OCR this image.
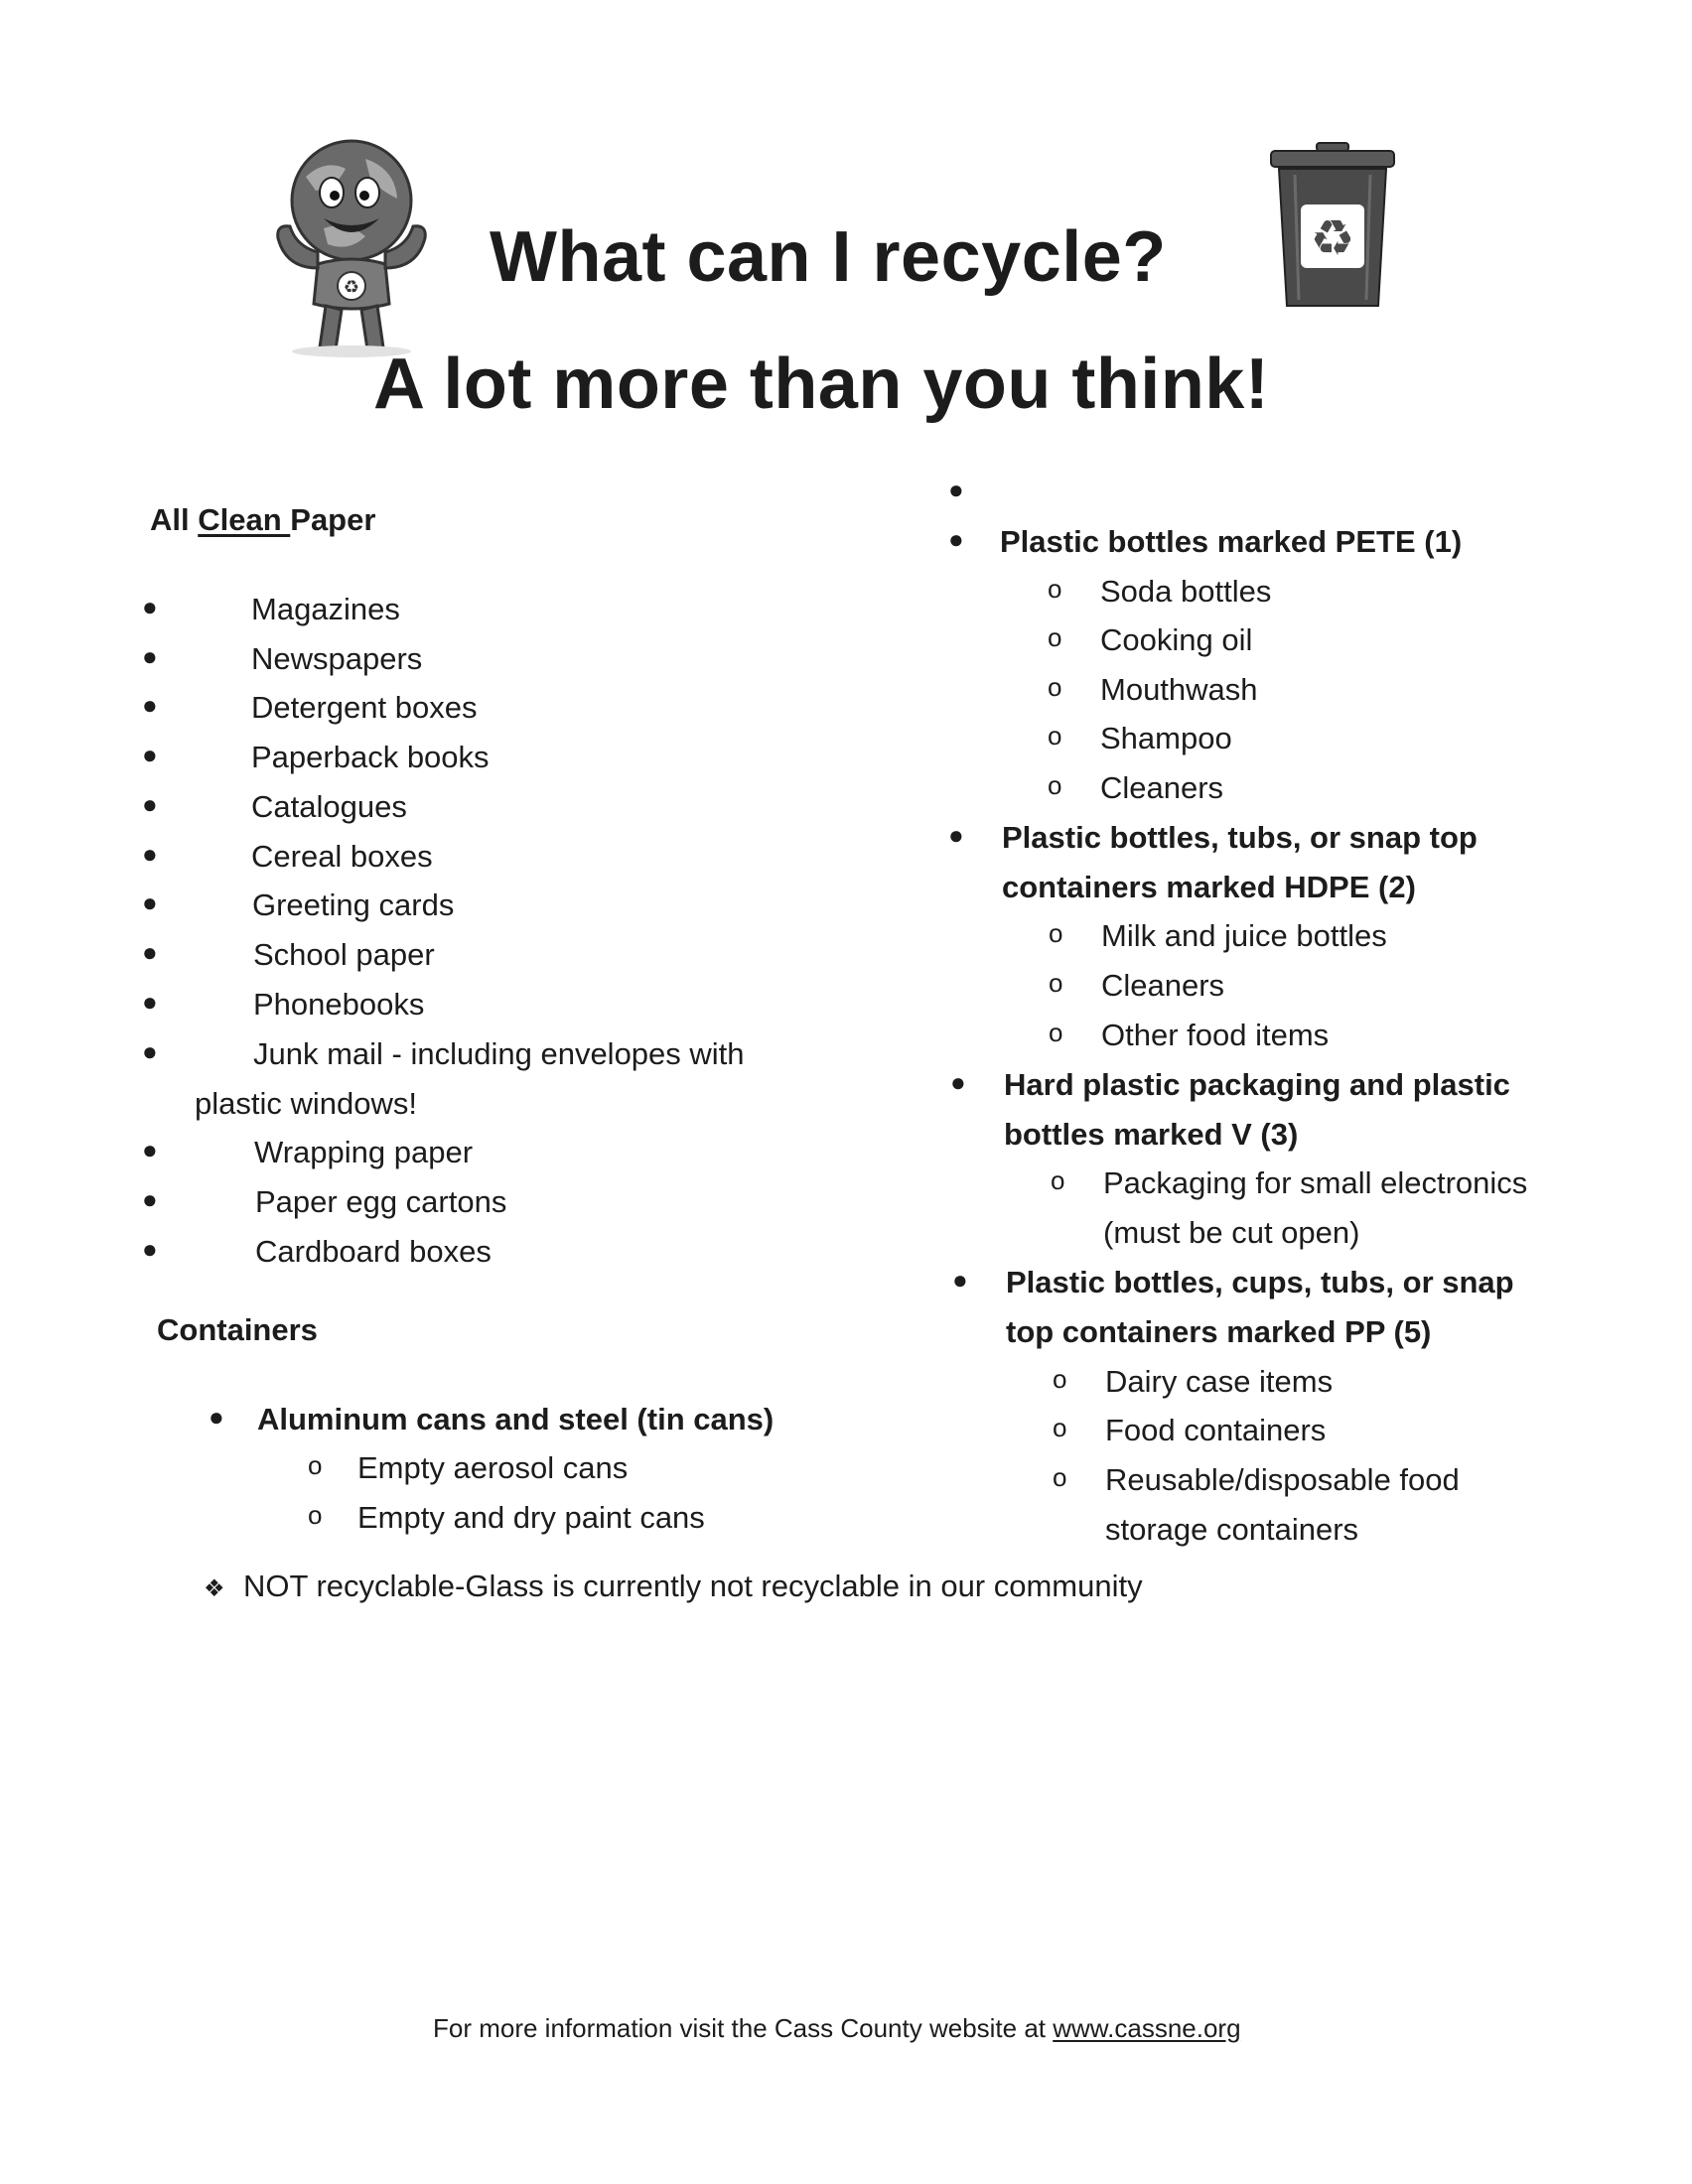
♻ What can I recycle?	♻
A lot more than you think!
All Clean Paper
●	Magazines
●	Newspapers
●	Detergent boxes
●	Paperback books
●	Catalogues
●	Cereal boxes
●	Greeting cards
●	School paper
●	Phonebooks
●	Junk mail - including envelopes with
plastic windows!
●	Wrapping paper
●	Paper egg cartons
●	Cardboard boxes
Containers
● Aluminum cans and steel (tin cans)
o Empty aerosol cans
o Empty and dry paint cans
●
● Plastic bottles marked PETE (1)
o Soda bottles
o Cooking oil
o Mouthwash
o Shampoo
o Cleaners
● Plastic bottles, tubs, or snap top
containers marked HDPE (2)
o Milk and juice bottles
o Cleaners
o Other food items
● Hard plastic packaging and plastic
bottles marked V (3)
o Packaging for small electronics
(must be cut open)
● Plastic bottles, cups, tubs, or snap
top containers marked PP (5)
o Dairy case items
o Food containers
o Reusable/disposable food
storage containers
❖ NOT recyclable-Glass is currently not recyclable in our community
For more information visit the Cass County website at www.cassne.org
